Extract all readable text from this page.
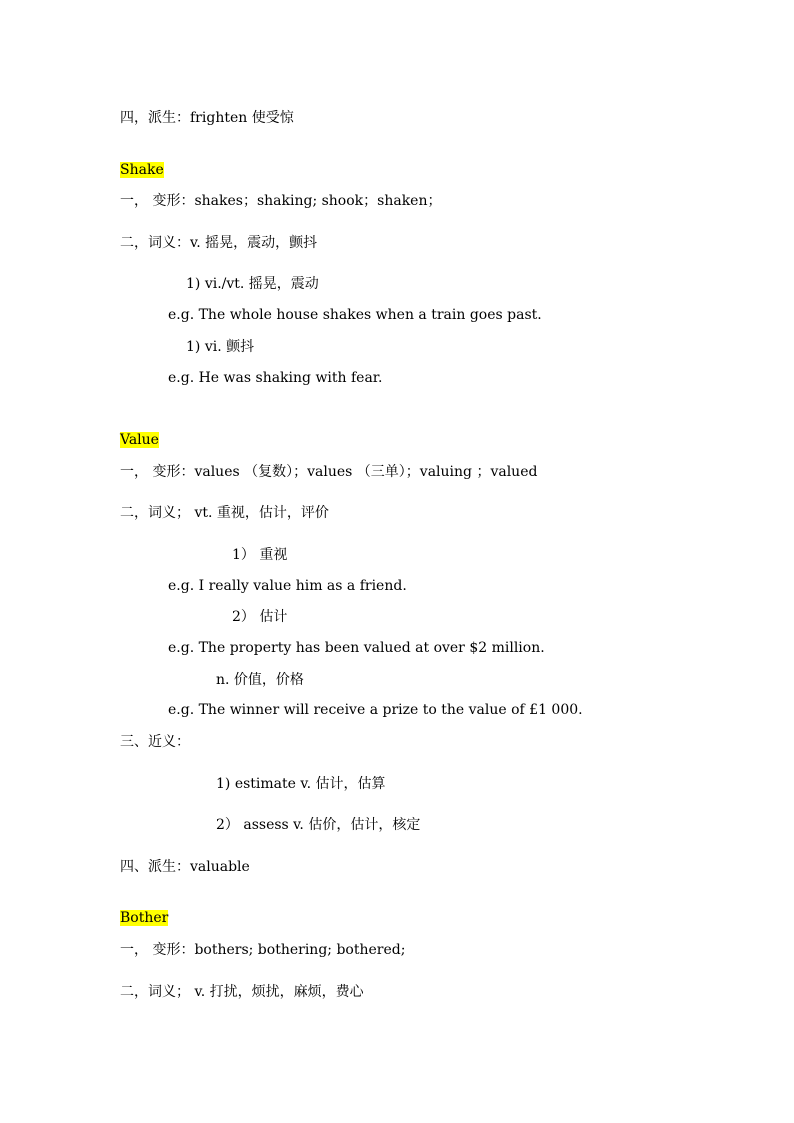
四，派生：frighten 使受惊
Shake
一， 变形：shakes；shaking; shook；shaken；
二，词义：v. 摇晃，震动，颤抖
1) vi./vt. 摇晃，震动
e.g. The whole house shakes when a train goes past.
1) vi. 颤抖
e.g. He was shaking with fear.
Value
一， 变形：values （复数）；values （三单）；valuing ；valued
二，词义； vt. 重视，估计，评价
1） 重视
e.g. I really value him as a friend.
2） 估计
e.g. The property has been valued at over $2 million.
n. 价值，价格
e.g. The winner will receive a prize to the value of £1 000.
三、近义：
1) estimate v. 估计，估算
2） assess v. 估价，估计，核定
四、派生：valuable
Bother
一， 变形：bothers; bothering; bothered;
二，词义； v. 打扰，烦扰，麻烦，费心
